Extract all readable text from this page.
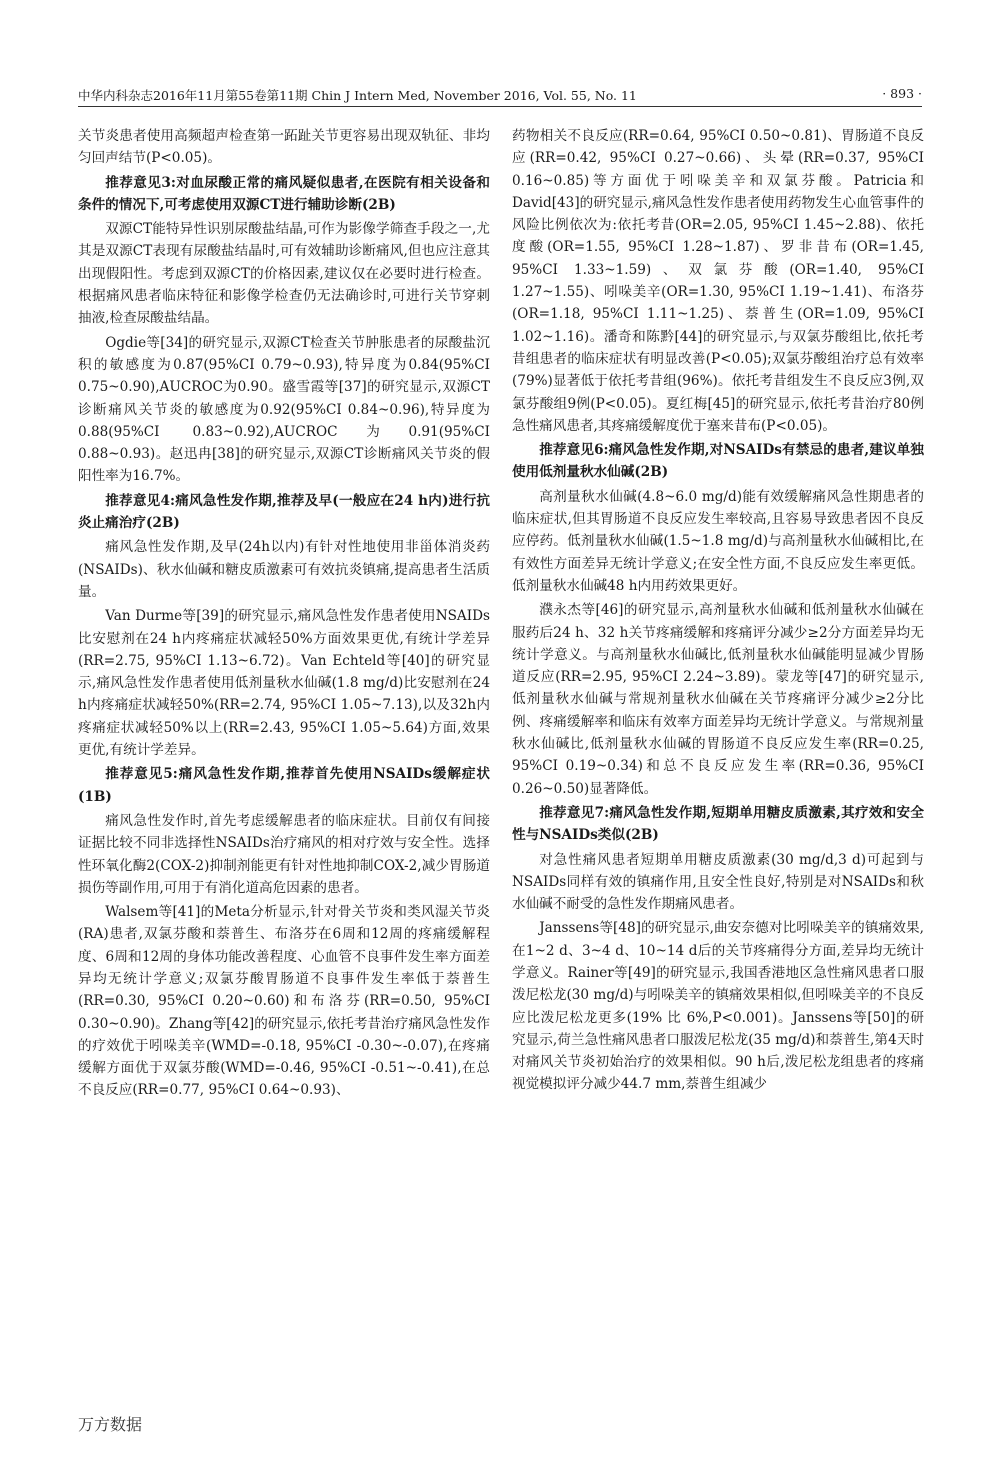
中华内科杂志2016年11月第55卷第11期 Chin J Intern Med, November 2016, Vol. 55, No. 11	· 893 ·

关节炎患者使用高频超声检查第一跖趾关节更容易出现双轨征、非均匀回声结节(P<0.05)。

推荐意见3:对血尿酸正常的痛风疑似患者,在医院有相关设备和条件的情况下,可考虑使用双源CT进行辅助诊断(2B)

双源CT能特异性识别尿酸盐结晶,可作为影像学筛查手段之一,尤其是双源CT表现有尿酸盐结晶时,可有效辅助诊断痛风,但也应注意其出现假阳性。考虑到双源CT的价格因素,建议仅在必要时进行检查。根据痛风患者临床特征和影像学检查仍无法确诊时,可进行关节穿刺抽液,检查尿酸盐结晶。

Ogdie等[34]的研究显示,双源CT检查关节肿胀患者的尿酸盐沉积的敏感度为0.87(95%CI 0.79~0.93),特异度为0.84(95%CI 0.75~0.90),AUCROC为0.90。盛雪霞等[37]的研究显示,双源CT诊断痛风关节炎的敏感度为0.92(95%CI 0.84~0.96),特异度为0.88(95%CI 0.83~0.92),AUCROC为0.91(95%CI 0.88~0.93)。赵迅冉[38]的研究显示,双源CT诊断痛风关节炎的假阳性率为16.7%。

推荐意见4:痛风急性发作期,推荐及早(一般应在24 h内)进行抗炎止痛治疗(2B)

痛风急性发作期,及早(24h以内)有针对性地使用非甾体消炎药(NSAIDs)、秋水仙碱和糖皮质激素可有效抗炎镇痛,提高患者生活质量。

Van Durme等[39]的研究显示,痛风急性发作患者使用NSAIDs比安慰剂在24 h内疼痛症状减轻50%方面效果更优,有统计学差异(RR=2.75, 95%CI 1.13~6.72)。Van Echteld等[40]的研究显示,痛风急性发作患者使用低剂量秋水仙碱(1.8 mg/d)比安慰剂在24 h内疼痛症状减轻50%(RR=2.74, 95%CI 1.05~7.13),以及32h内疼痛症状减轻50%以上(RR=2.43, 95%CI 1.05~5.64)方面,效果更优,有统计学差异。

推荐意见5:痛风急性发作期,推荐首先使用NSAIDs缓解症状(1B)

痛风急性发作时,首先考虑缓解患者的临床症状。目前仅有间接证据比较不同非选择性NSAIDs治疗痛风的相对疗效与安全性。选择性环氧化酶2(COX-2)抑制剂能更有针对性地抑制COX-2,减少胃肠道损伤等副作用,可用于有消化道高危因素的患者。

Walsem等[41]的Meta分析显示,针对骨关节炎和类风湿关节炎(RA)患者,双氯芬酸和萘普生、布洛芬在6周和12周的疼痛缓解程度、6周和12周的身体功能改善程度、心血管不良事件发生率方面差异均无统计学意义;双氯芬酸胃肠道不良事件发生率低于萘普生(RR=0.30, 95%CI 0.20~0.60)和布洛芬(RR=0.50, 95%CI 0.30~0.90)。Zhang等[42]的研究显示,依托考昔治疗痛风急性发作的疗效优于吲哚美辛(WMD=-0.18, 95%CI -0.30~-0.07),在疼痛缓解方面优于双氯芬酸(WMD=-0.46, 95%CI -0.51~-0.41),在总不良反应(RR=0.77, 95%CI 0.64~0.93)、

药物相关不良反应(RR=0.64, 95%CI 0.50~0.81)、胃肠道不良反应(RR=0.42, 95%CI 0.27~0.66)、头晕(RR=0.37, 95%CI 0.16~0.85)等方面优于吲哚美辛和双氯芬酸。Patricia和David[43]的研究显示,痛风急性发作患者使用药物发生心血管事件的风险比例依次为:依托考昔(OR=2.05, 95%CI 1.45~2.88)、依托度酸(OR=1.55, 95%CI 1.28~1.87)、罗非昔布(OR=1.45, 95%CI 1.33~1.59)、双氯芬酸(OR=1.40, 95%CI 1.27~1.55)、吲哚美辛(OR=1.30, 95%CI 1.19~1.41)、布洛芬(OR=1.18, 95%CI 1.11~1.25)、萘普生(OR=1.09, 95%CI 1.02~1.16)。潘奇和陈黔[44]的研究显示,与双氯芬酸组比,依托考昔组患者的临床症状有明显改善(P<0.05);双氯芬酸组治疗总有效率(79%)显著低于依托考昔组(96%)。依托考昔组发生不良反应3例,双氯芬酸组9例(P<0.05)。夏红梅[45]的研究显示,依托考昔治疗80例急性痛风患者,其疼痛缓解度优于塞来昔布(P<0.05)。

推荐意见6:痛风急性发作期,对NSAIDs有禁忌的患者,建议单独使用低剂量秋水仙碱(2B)

高剂量秋水仙碱(4.8~6.0 mg/d)能有效缓解痛风急性期患者的临床症状,但其胃肠道不良反应发生率较高,且容易导致患者因不良反应停药。低剂量秋水仙碱(1.5~1.8 mg/d)与高剂量秋水仙碱相比,在有效性方面差异无统计学意义;在安全性方面,不良反应发生率更低。低剂量秋水仙碱48 h内用药效果更好。

濮永杰等[46]的研究显示,高剂量秋水仙碱和低剂量秋水仙碱在服药后24 h、32 h关节疼痛缓解和疼痛评分减少≥2分方面差异均无统计学意义。与高剂量秋水仙碱比,低剂量秋水仙碱能明显减少胃肠道反应(RR=2.95, 95%CI 2.24~3.89)。蒙龙等[47]的研究显示,低剂量秋水仙碱与常规剂量秋水仙碱在关节疼痛评分减少≥2分比例、疼痛缓解率和临床有效率方面差异均无统计学意义。与常规剂量秋水仙碱比,低剂量秋水仙碱的胃肠道不良反应发生率(RR=0.25, 95%CI 0.19~0.34)和总不良反应发生率(RR=0.36, 95%CI 0.26~0.50)显著降低。

推荐意见7:痛风急性发作期,短期单用糖皮质激素,其疗效和安全性与NSAIDs类似(2B)

对急性痛风患者短期单用糖皮质激素(30 mg/d,3 d)可起到与NSAIDs同样有效的镇痛作用,且安全性良好,特别是对NSAIDs和秋水仙碱不耐受的急性发作期痛风患者。

Janssens等[48]的研究显示,曲安奈德对比吲哚美辛的镇痛效果,在1~2 d、3~4 d、10~14 d后的关节疼痛得分方面,差异均无统计学意义。Rainer等[49]的研究显示,我国香港地区急性痛风患者口服泼尼松龙(30 mg/d)与吲哚美辛的镇痛效果相似,但吲哚美辛的不良反应比泼尼松龙更多(19% 比 6%,P<0.001)。Janssens等[50]的研究显示,荷兰急性痛风患者口服泼尼松龙(35 mg/d)和萘普生,第4天时对痛风关节炎初始治疗的效果相似。90 h后,泼尼松龙组患者的疼痛视觉模拟评分减少44.7 mm,萘普生组减少

万方数据
